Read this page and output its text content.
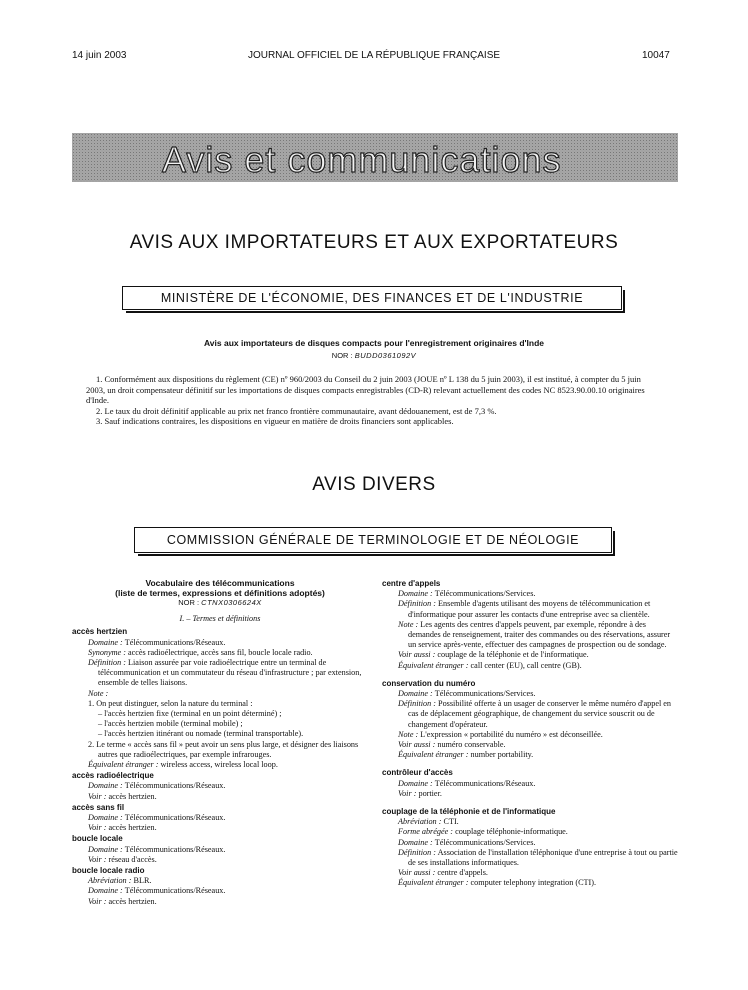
14 juin 2003	JOURNAL OFFICIEL DE LA RÉPUBLIQUE FRANÇAISE	10047
Avis et communications
AVIS AUX IMPORTATEURS ET AUX EXPORTATEURS
MINISTÈRE DE L'ÉCONOMIE, DES FINANCES ET DE L'INDUSTRIE
Avis aux importateurs de disques compacts pour l'enregistrement originaires d'Inde
NOR : BUDD0361092V

1. Conformément aux dispositions du règlement (CE) nº 960/2003 du Conseil du 2 juin 2003 (JOUE nº L 138 du 5 juin 2003), il est institué, à compter du 5 juin 2003, un droit compensateur définitif sur les importations de disques compacts enregistrables (CD-R) relevant actuellement des codes NC 8523.90.00.10 originaires d'Inde.

2. Le taux du droit définitif applicable au prix net franco frontière communautaire, avant dédouanement, est de 7,3 %.

3. Sauf indications contraires, les dispositions en vigueur en matière de droits financiers sont applicables.

AVIS DIVERS
COMMISSION GÉNÉRALE DE TERMINOLOGIE ET DE NÉOLOGIE
Vocabulaire des télécommunications
(liste de termes, expressions et définitions adoptés)
NOR : CTNX0306624X
I. – Termes et définitions
accès hertzien
Domaine : Télécommunications/Réseaux.
Synonyme : accès radioélectrique, accès sans fil, boucle locale radio.
Définition : Liaison assurée par voie radioélectrique entre un terminal de télécommunication et un commutateur du réseau d'infrastructure ; par extension, ensemble de telles liaisons.
Note :
1. On peut distinguer, selon la nature du terminal :
– l'accès hertzien fixe (terminal en un point déterminé) ;
– l'accès hertzien mobile (terminal mobile) ;
– l'accès hertzien itinérant ou nomade (terminal transportable).
2. Le terme « accès sans fil » peut avoir un sens plus large, et désigner des liaisons autres que radioélectriques, par exemple infrarouges.
Équivalent étranger : wireless access, wireless local loop.
accès radioélectrique
Domaine : Télécommunications/Réseaux.
Voir : accès hertzien.
accès sans fil
Domaine : Télécommunications/Réseaux.
Voir : accès hertzien.
boucle locale
Domaine : Télécommunications/Réseaux.
Voir : réseau d'accès.
boucle locale radio
Abréviation : BLR.
Domaine : Télécommunications/Réseaux.
Voir : accès hertzien.
centre d'appels
Domaine : Télécommunications/Services.
Définition : Ensemble d'agents utilisant des moyens de télécommunication et d'informatique pour assurer les contacts d'une entreprise avec sa clientèle.
Note : Les agents des centres d'appels peuvent, par exemple, répondre à des demandes de renseignement, traiter des commandes ou des réservations, assurer un service après-vente, effectuer des campagnes de prospection ou de sondage.
Voir aussi : couplage de la téléphonie et de l'informatique.
Équivalent étranger : call center (EU), call centre (GB).
conservation du numéro
Domaine : Télécommunications/Services.
Définition : Possibilité offerte à un usager de conserver le même numéro d'appel en cas de déplacement géographique, de changement du service souscrit ou de changement d'opérateur.
Note : L'expression « portabilité du numéro » est déconseillée.
Voir aussi : numéro conservable.
Équivalent étranger : number portability.
contrôleur d'accès
Domaine : Télécommunications/Réseaux.
Voir : portier.
couplage de la téléphonie et de l'informatique
Abréviation : CTI.
Forme abrégée : couplage téléphonie-informatique.
Domaine : Télécommunications/Services.
Définition : Association de l'installation téléphonique d'une entreprise à tout ou partie de ses installations informatiques.
Voir aussi : centre d'appels.
Équivalent étranger : computer telephony integration (CTI).
